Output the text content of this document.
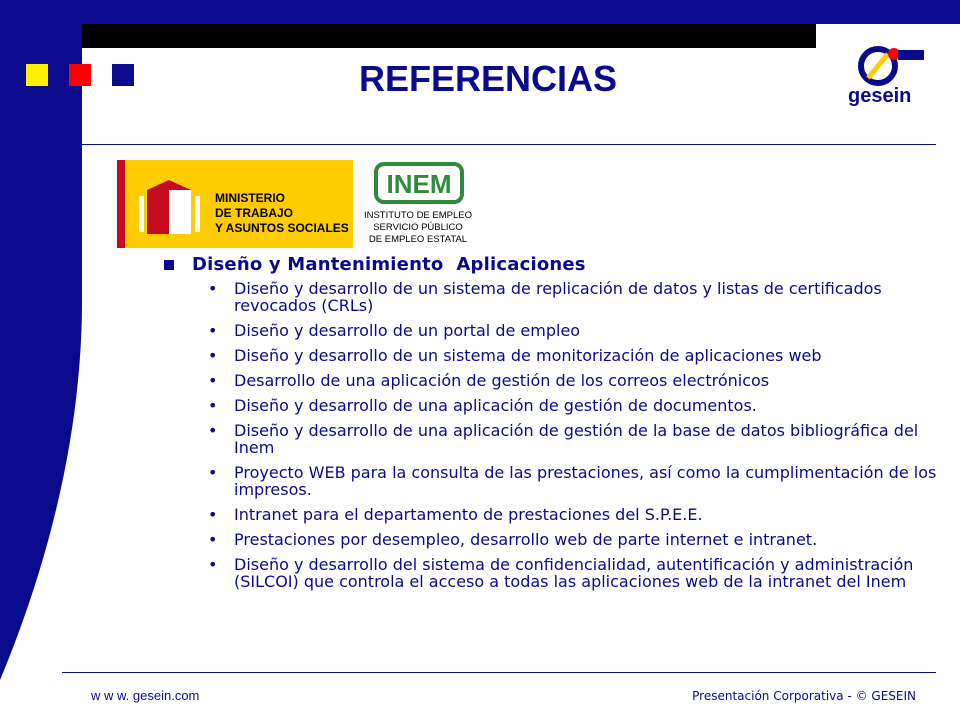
REFERENCIAS	gesein
MINISTERIO
DE TRABAJO
Y ASUNTOS SOCIALES
INEM
INSTITUTO DE EMPLEO
SERVICIO PÚBLICO
DE EMPLEO ESTATAL
Diseño y Mantenimiento  Aplicaciones
• Diseño y desarrollo de un sistema de replicación de datos y listas de certificados revocados (CRLs)
• Diseño y desarrollo de un portal de empleo
• Diseño y desarrollo de un sistema de monitorización de aplicaciones web
• Desarrollo de una aplicación de gestión de los correos electrónicos
• Diseño y desarrollo de una aplicación de gestión de documentos.
• Diseño y desarrollo de una aplicación de gestión de la base de datos bibliográfica del Inem
• Proyecto WEB para la consulta de las prestaciones, así como la cumplimentación de los impresos.
• Intranet para el departamento de prestaciones del S.P.E.E.
• Prestaciones por desempleo, desarrollo web de parte internet e intranet.
• Diseño y desarrollo del sistema de confidencialidad, autentificación y administración (SILCOI) que controla el acceso a todas las aplicaciones web de la intranet del Inem
w w w. gesein.com	Presentación Corporativa - © GESEIN
